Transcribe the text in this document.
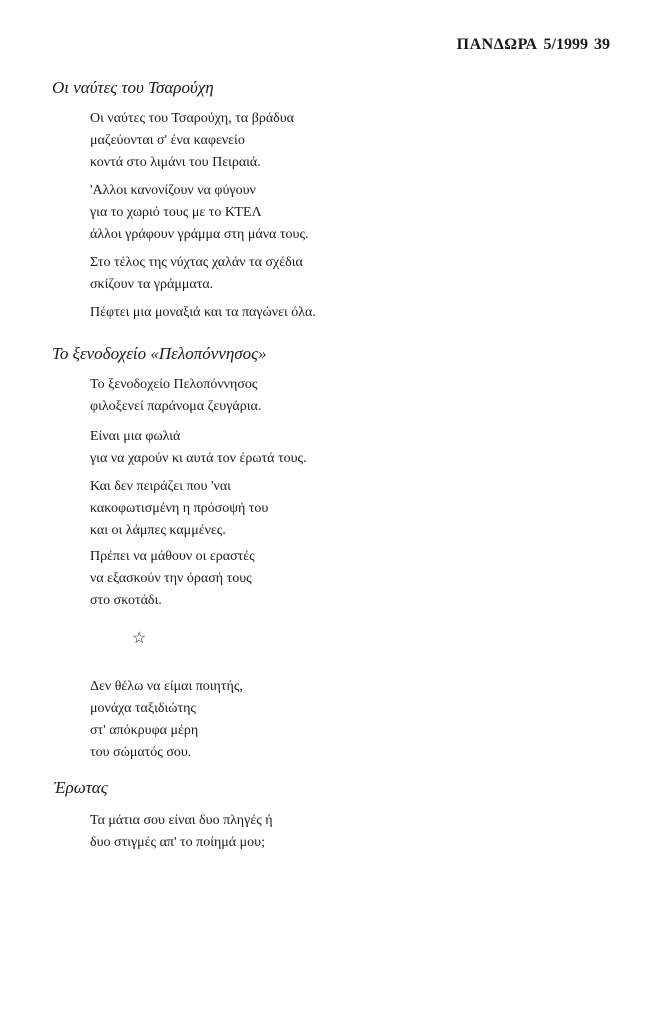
ΠΑΝΔΩΡΑ 5/1999 39
Οι ναύτες του Τσαρούχη
Οι ναύτες του Τσαρούχη, τα βράδυα
μαζεύονται σ' ένα καφενείο
κοντά στο λιμάνι του Πειραιά.
'Αλλοι κανονίζουν να φύγουν
για το χωριό τους με το ΚΤΕΛ
άλλοι γράφουν γράμμα στη μάνα τους.
Στο τέλος της νύχτας χαλάν τα σχέδια
σκίζουν τα γράμματα.
Πέφτει μια μοναξιά και τα παγώνει όλα.
Το ξενοδοχείο «Πελοπόννησος»
Το ξενοδοχείο Πελοπόννησος
φιλοξενεί παράνομα ζευγάρια.
Είναι μια φωλιά
για να χαρούν κι αυτά τον έρωτά τους.
Και δεν πειράζει που 'ναι
κακοφωτισμένη η πρόσοψή του
και οι λάμπες καμμένες.
Πρέπει να μάθουν οι εραστές
να εξασκούν την όρασή τους
στο σκοτάδι.
☆
Δεν θέλω να είμαι ποιητής,
μονάχα ταξιδιώτης
στ' απόκρυφα μέρη
του σώματός σου.
Έρωτας
Τα μάτια σου είναι δυο πληγές ή
δυο στιγμές απ' το ποίημά μου;
